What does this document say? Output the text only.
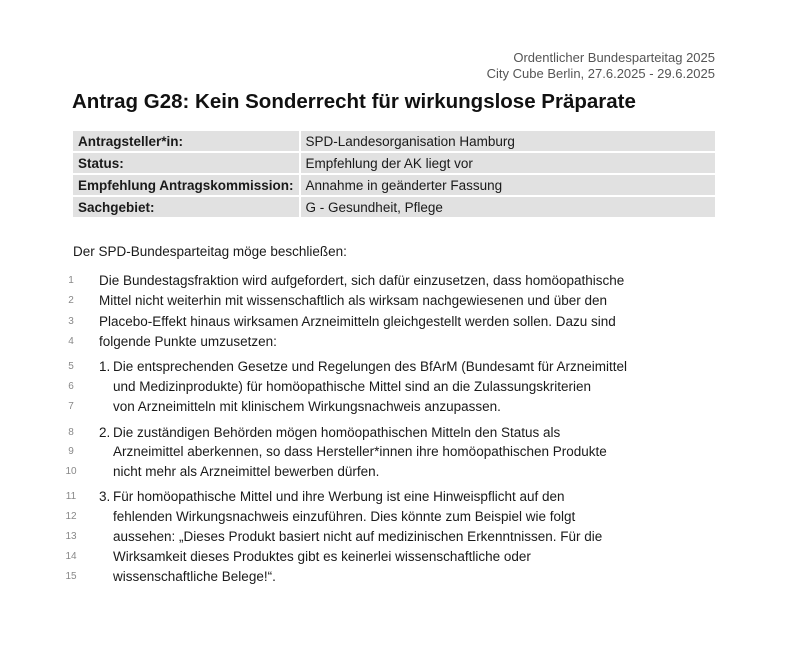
Ordentlicher Bundesparteitag 2025
City Cube Berlin, 27.6.2025 - 29.6.2025
Antrag G28: Kein Sonderrecht für wirkungslose Präparate
Antragsteller*in:	SPD-Landesorganisation Hamburg
Status:	Empfehlung der AK liegt vor
Empfehlung Antragskommission:	Annahme in geänderter Fassung
Sachgebiet:	G - Gesundheit, Pflege
Der SPD-Bundesparteitag möge beschließen:
1	Die Bundestagsfraktion wird aufgefordert, sich dafür einzusetzen, dass homöopathische
2	Mittel nicht weiterhin mit wissenschaftlich als wirksam nachgewiesenen und über den
3	Placebo-Effekt hinaus wirksamen Arzneimitteln gleichgestellt werden sollen. Dazu sind
4	folgende Punkte umzusetzen:
5	1. Die entsprechenden Gesetze und Regelungen des BfArM (Bundesamt für Arzneimittel
6	und Medizinprodukte) für homöopathische Mittel sind an die Zulassungskriterien
7	von Arzneimitteln mit klinischem Wirkungsnachweis anzupassen.
8	2. Die zuständigen Behörden mögen homöopathischen Mitteln den Status als
9	Arzneimittel aberkennen, so dass Hersteller*innen ihre homöopathischen Produkte
10	nicht mehr als Arzneimittel bewerben dürfen.
11	3. Für homöopathische Mittel und ihre Werbung ist eine Hinweispflicht auf den
12	fehlenden Wirkungsnachweis einzuführen. Dies könnte zum Beispiel wie folgt
13	aussehen: „Dieses Produkt basiert nicht auf medizinischen Erkenntnissen. Für die
14	Wirksamkeit dieses Produktes gibt es keinerlei wissenschaftliche oder
15	wissenschaftliche Belege!“.
